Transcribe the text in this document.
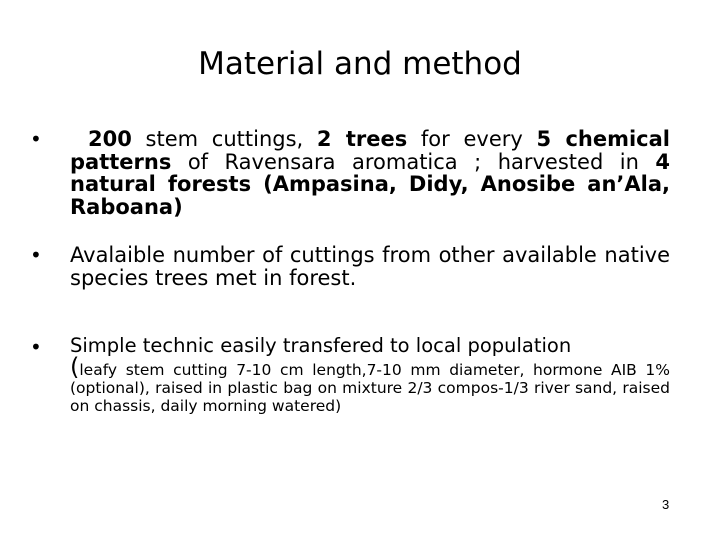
Material and method
•	200 stem cuttings, 2 trees for every 5 chemical patterns of Ravensara aromatica ; harvested in 4 natural forests (Ampasina, Didy, Anosibe an’Ala, Raboana)
• Avalaible number of cuttings from other available native species trees met in forest.
• Simple technic easily transfered to local population
(leafy stem cutting 7-10 cm length,7-10 mm diameter, hormone AIB 1%(optional), raised in plastic bag on mixture 2/3 compos-1/3 river sand, raised on chassis, daily morning watered)
3
